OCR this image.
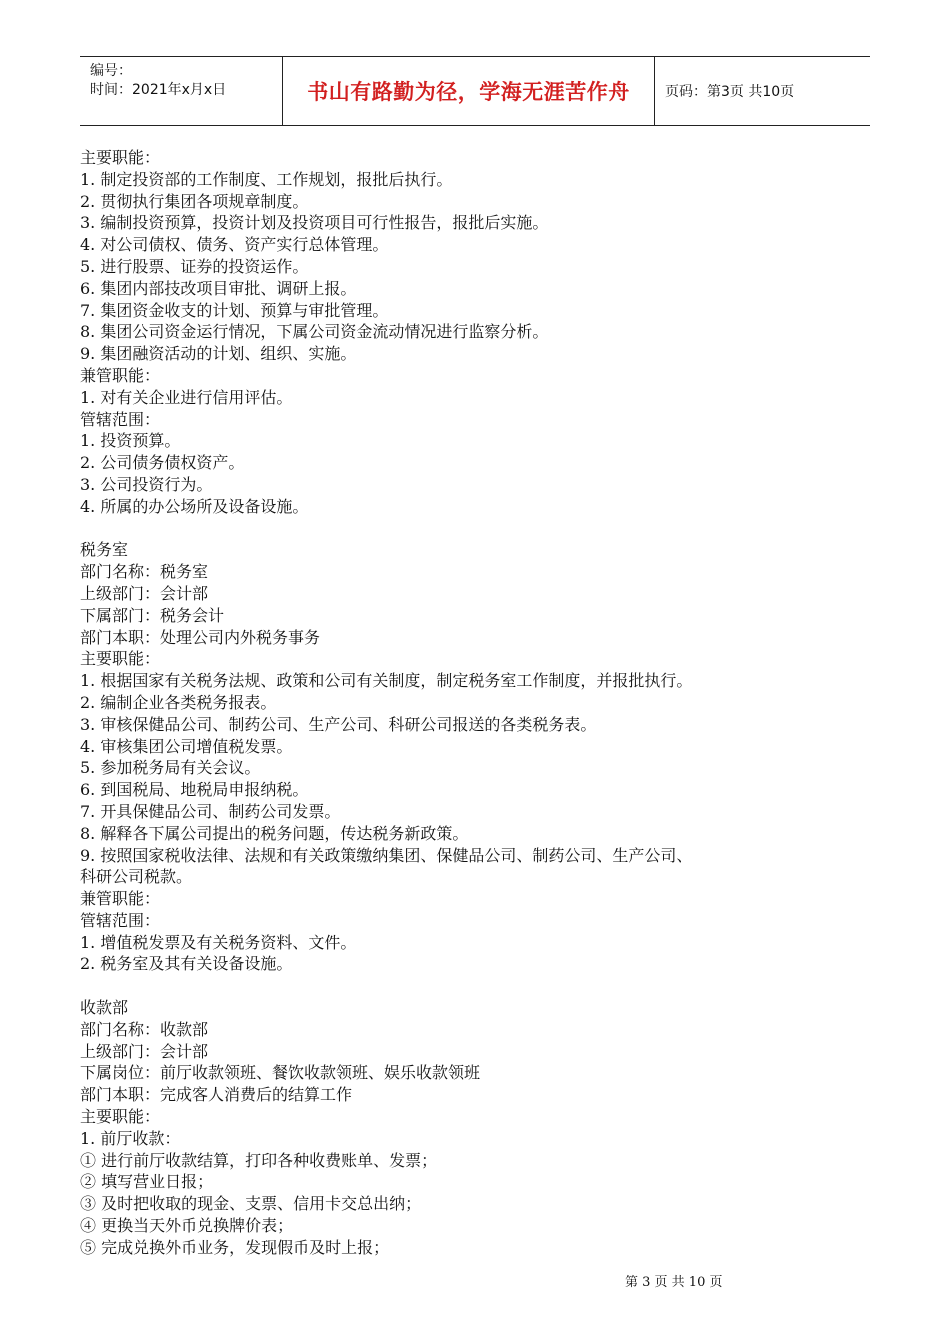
编号：
时间：2021年x月x日	书山有路勤为径，学海无涯苦作舟	页码：第3页 共10页
主要职能：
1. 制定投资部的工作制度、工作规划，报批后执行。
2. 贯彻执行集团各项规章制度。
3. 编制投资预算，投资计划及投资项目可行性报告，报批后实施。
4. 对公司债权、债务、资产实行总体管理。
5. 进行股票、证券的投资运作。
6. 集团内部技改项目审批、调研上报。
7. 集团资金收支的计划、预算与审批管理。
8. 集团公司资金运行情况，下属公司资金流动情况进行监察分析。
9. 集团融资活动的计划、组织、实施。
兼管职能：
1. 对有关企业进行信用评估。
管辖范围：
1. 投资预算。
2. 公司债务债权资产。
3. 公司投资行为。
4. 所属的办公场所及设备设施。
税务室
部门名称：税务室
上级部门：会计部
下属部门：税务会计
部门本职：处理公司内外税务事务
主要职能：
1. 根据国家有关税务法规、政策和公司有关制度，制定税务室工作制度，并报批执行。
2. 编制企业各类税务报表。
3. 审核保健品公司、制药公司、生产公司、科研公司报送的各类税务表。
4. 审核集团公司增值税发票。
5. 参加税务局有关会议。
6. 到国税局、地税局申报纳税。
7. 开具保健品公司、制药公司发票。
8. 解释各下属公司提出的税务问题，传达税务新政策。
9. 按照国家税收法律、法规和有关政策缴纳集团、保健品公司、制药公司、生产公司、
科研公司税款。
兼管职能：
管辖范围：
1. 增值税发票及有关税务资料、文件。
2. 税务室及其有关设备设施。
收款部
部门名称：收款部
上级部门：会计部
下属岗位：前厅收款领班、餐饮收款领班、娱乐收款领班
部门本职：完成客人消费后的结算工作
主要职能：
1. 前厅收款：
① 进行前厅收款结算，打印各种收费账单、发票；
② 填写营业日报；
③ 及时把收取的现金、支票、信用卡交总出纳；
④ 更换当天外币兑换牌价表；
⑤ 完成兑换外币业务，发现假币及时上报；
第 3 页 共 10 页
